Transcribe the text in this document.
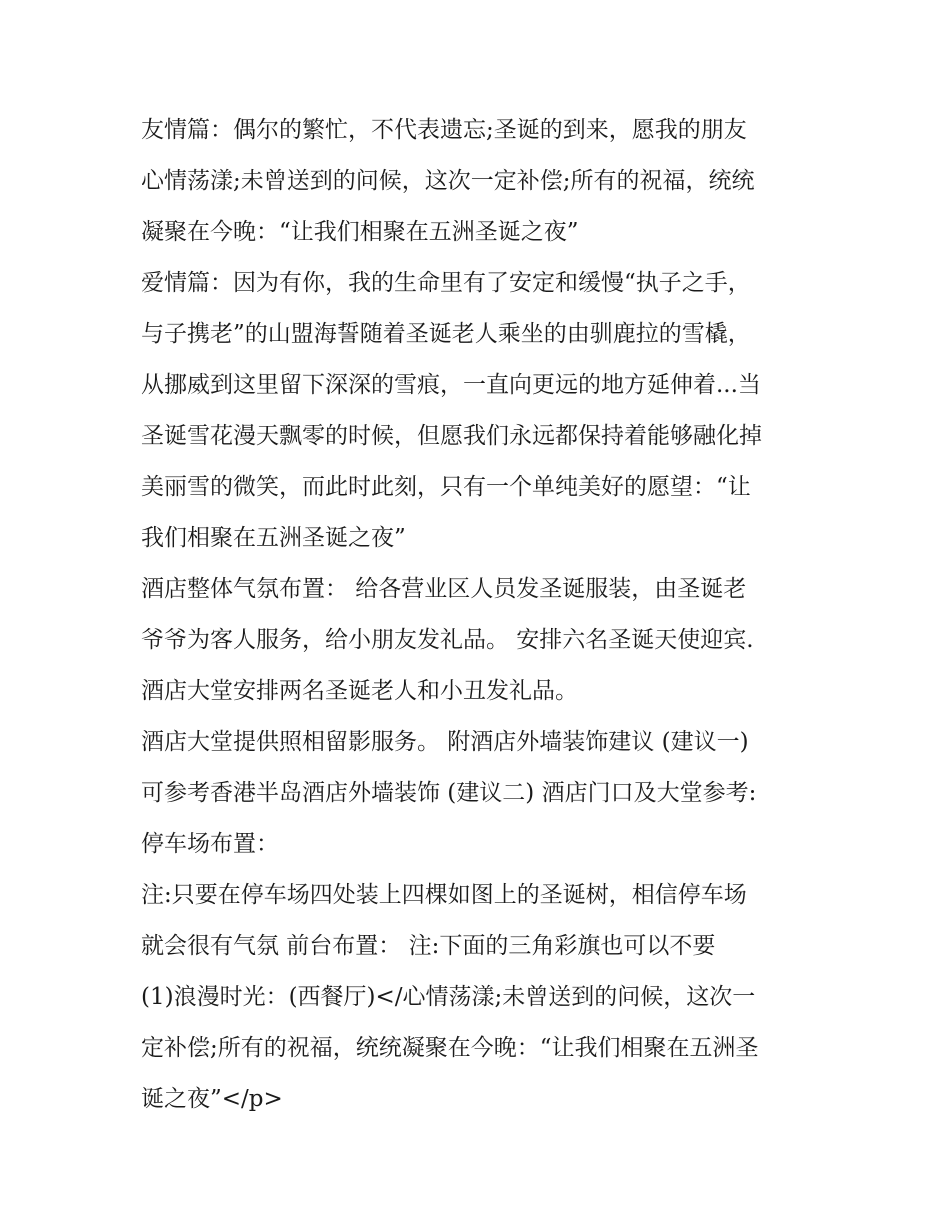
友情篇：偶尔的繁忙，不代表遗忘;圣诞的到来，愿我的朋友
心情荡漾;未曾送到的问候，这次一定补偿;所有的祝福，统统
凝聚在今晚：“让我们相聚在五洲圣诞之夜”
爱情篇：因为有你，我的生命里有了安定和缓慢“执子之手，
与子携老”的山盟海誓随着圣诞老人乘坐的由驯鹿拉的雪橇，
从挪威到这里留下深深的雪痕，一直向更远的地方延伸着...当
圣诞雪花漫天飘零的时候，但愿我们永远都保持着能够融化掉
美丽雪的微笑，而此时此刻，只有一个单纯美好的愿望：“让
我们相聚在五洲圣诞之夜”
酒店整体气氛布置： 给各营业区人员发圣诞服装，由圣诞老
爷爷为客人服务，给小朋友发礼品。 安排六名圣诞天使迎宾.
酒店大堂安排两名圣诞老人和小丑发礼品。
酒店大堂提供照相留影服务。 附酒店外墙装饰建议 (建议一)
可参考香港半岛酒店外墙装饰 (建议二) 酒店门口及大堂参考:
停车场布置：
注:只要在停车场四处装上四棵如图上的圣诞树，相信停车场
就会很有气氛 前台布置： 注:下面的三角彩旗也可以不要
(1)浪漫时光：(西餐厅)</心情荡漾;未曾送到的问候，这次一
定补偿;所有的祝福，统统凝聚在今晚：“让我们相聚在五洲圣
诞之夜”</p>
